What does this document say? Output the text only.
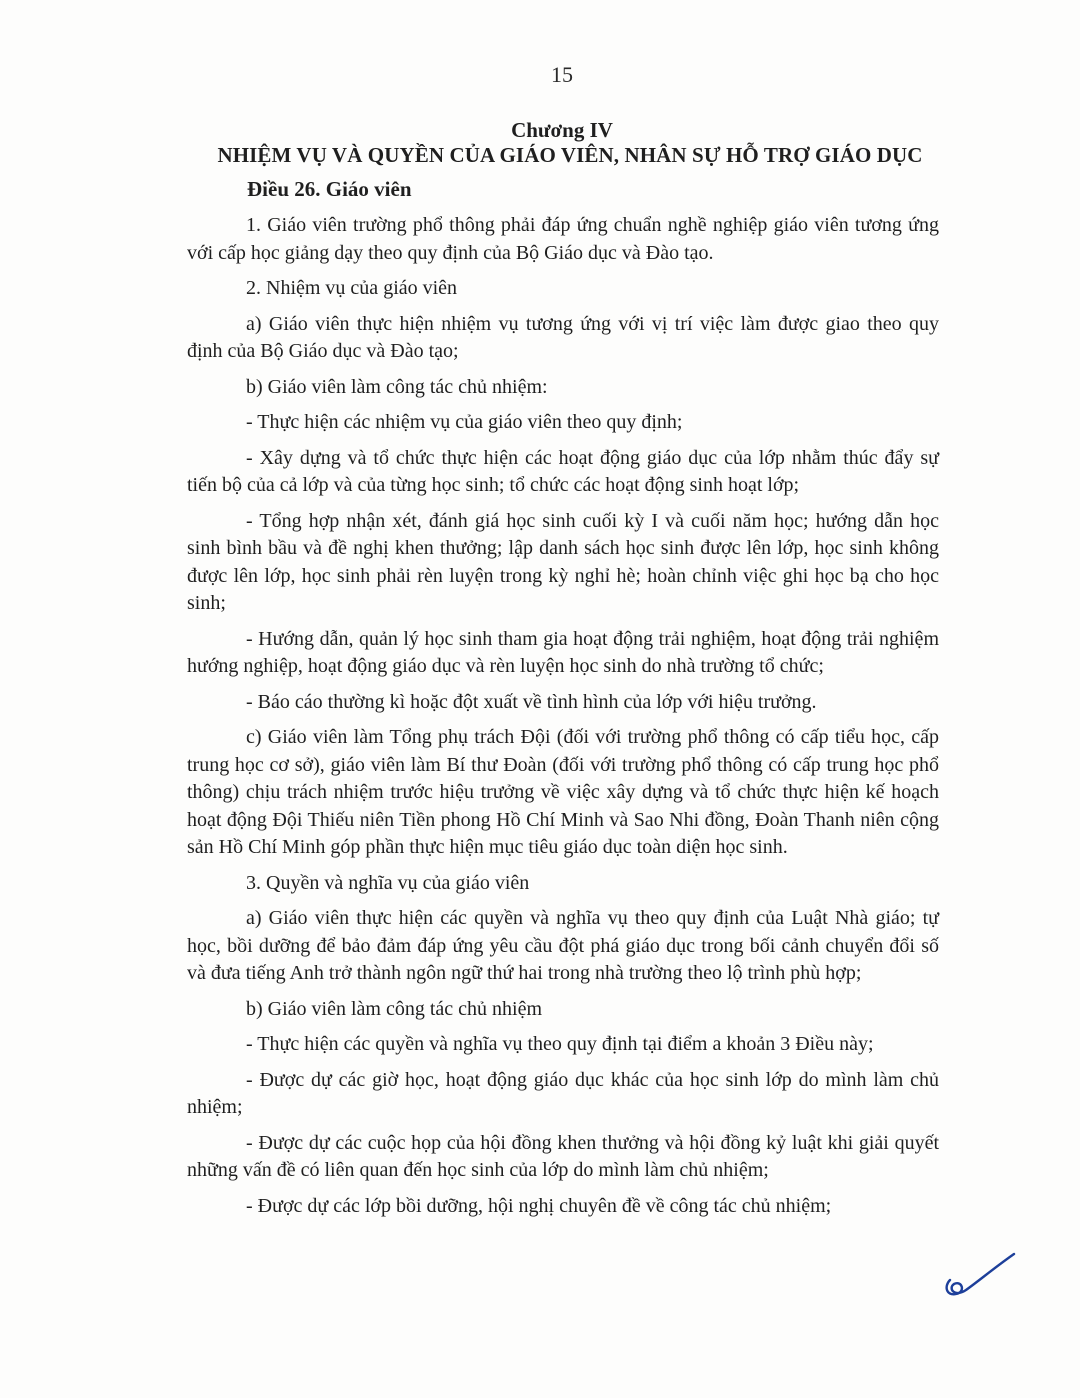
15
Chương IV
NHIỆM VỤ VÀ QUYỀN CỦA GIÁO VIÊN, NHÂN SỰ HỖ TRỢ GIÁO DỤC
Điều 26. Giáo viên

1. Giáo viên trường phổ thông phải đáp ứng chuẩn nghề nghiệp giáo viên tương ứng với cấp học giảng dạy theo quy định của Bộ Giáo dục và Đào tạo.

2. Nhiệm vụ của giáo viên

a) Giáo viên thực hiện nhiệm vụ tương ứng với vị trí việc làm được giao theo quy định của Bộ Giáo dục và Đào tạo;

b) Giáo viên làm công tác chủ nhiệm:

- Thực hiện các nhiệm vụ của giáo viên theo quy định;

- Xây dựng và tổ chức thực hiện các hoạt động giáo dục của lớp nhằm thúc đẩy sự tiến bộ của cả lớp và của từng học sinh; tổ chức các hoạt động sinh hoạt lớp;

- Tổng hợp nhận xét, đánh giá học sinh cuối kỳ I và cuối năm học; hướng dẫn học sinh bình bầu và đề nghị khen thưởng; lập danh sách học sinh được lên lớp, học sinh không được lên lớp, học sinh phải rèn luyện trong kỳ nghỉ hè; hoàn chỉnh việc ghi học bạ cho học sinh;

- Hướng dẫn, quản lý học sinh tham gia hoạt động trải nghiệm, hoạt động trải nghiệm hướng nghiệp, hoạt động giáo dục và rèn luyện học sinh do nhà trường tổ chức;

- Báo cáo thường kì hoặc đột xuất về tình hình của lớp với hiệu trưởng.

c) Giáo viên làm Tổng phụ trách Đội (đối với trường phổ thông có cấp tiểu học, cấp trung học cơ sở), giáo viên làm Bí thư Đoàn (đối với trường phổ thông có cấp trung học phổ thông) chịu trách nhiệm trước hiệu trưởng về việc xây dựng và tổ chức thực hiện kế hoạch hoạt động Đội Thiếu niên Tiền phong Hồ Chí Minh và Sao Nhi đồng, Đoàn Thanh niên cộng sản Hồ Chí Minh góp phần thực hiện mục tiêu giáo dục toàn diện học sinh.

3. Quyền và nghĩa vụ của giáo viên

a) Giáo viên thực hiện các quyền và nghĩa vụ theo quy định của Luật Nhà giáo; tự học, bồi dưỡng để bảo đảm đáp ứng yêu cầu đột phá giáo dục trong bối cảnh chuyển đổi số và đưa tiếng Anh trở thành ngôn ngữ thứ hai trong nhà trường theo lộ trình phù hợp;

b) Giáo viên làm công tác chủ nhiệm

- Thực hiện các quyền và nghĩa vụ theo quy định tại điểm a khoản 3 Điều này;

- Được dự các giờ học, hoạt động giáo dục khác của học sinh lớp do mình làm chủ nhiệm;

- Được dự các cuộc họp của hội đồng khen thưởng và hội đồng kỷ luật khi giải quyết những vấn đề có liên quan đến học sinh của lớp do mình làm chủ nhiệm;

- Được dự các lớp bồi dưỡng, hội nghị chuyên đề về công tác chủ nhiệm;
